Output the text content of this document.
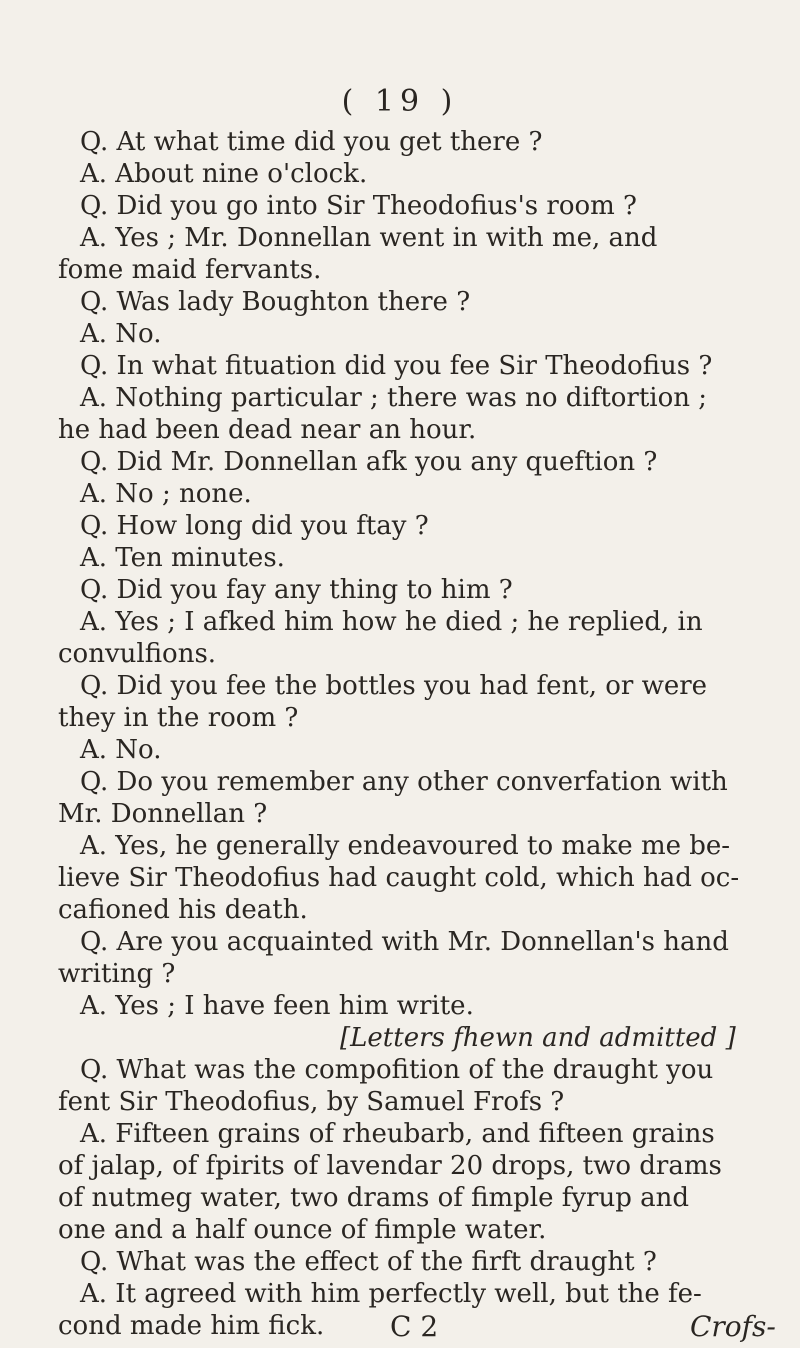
( 19 )
Q. At what time did you get there ?
A. About nine o'clock.
Q. Did you go into Sir Theodofius's room ?
A. Yes ; Mr. Donnellan went in with me, and
fome maid fervants.
Q. Was lady Boughton there ?
A. No.
Q. In what fituation did you fee Sir Theodofius ?
A. Nothing particular ; there was no diftortion ;
he had been dead near an hour.
Q. Did Mr. Donnellan afk you any queftion ?
A. No ; none.
Q. How long did you ftay ?
A. Ten minutes.
Q. Did you fay any thing to him ?
A. Yes ; I afked him how he died ; he replied, in
convulfions.
Q. Did you fee the bottles you had fent, or were
they in the room ?
A. No.
Q. Do you remember any other converfation with
Mr. Donnellan ?
A. Yes, he generally endeavoured to make me be-
lieve Sir Theodofius had caught cold, which had oc-
cafioned his death.
Q. Are you acquainted with Mr. Donnellan's hand
writing ?
A. Yes ; I have feen him write.
[Letters fhewn and admitted ]
Q. What was the compofition of the draught you
fent Sir Theodofius, by Samuel Frofs ?
A. Fifteen grains of rheubarb, and fifteen grains
of jalap, of fpirits of lavendar 20 drops, two drams
of nutmeg water, two drams of fimple fyrup and
one and a half ounce of fimple water.
Q. What was the effect of the firft draught ?
A. It agreed with him perfectly well, but the fe-
cond made him fick. C 2	Crofs-
